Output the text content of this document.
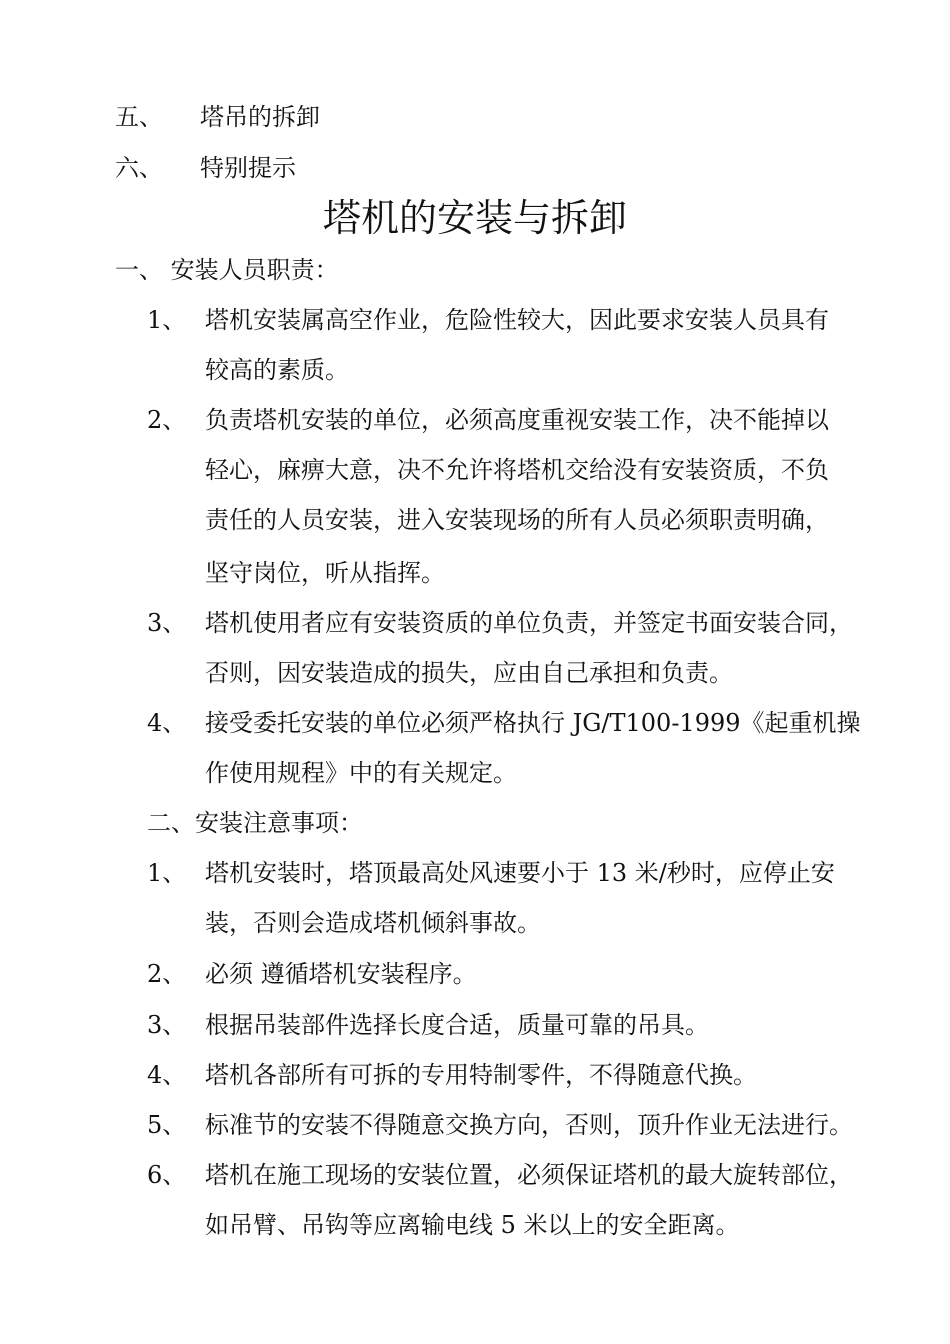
五、 塔吊的拆卸
六、 特别提示
塔机的安装与拆卸
一、 安装人员职责：
1、 塔机安装属高空作业，危险性较大，因此要求安装人员具有
较高的素质。
2、 负责塔机安装的单位，必须高度重视安装工作，决不能掉以
轻心，麻痹大意，决不允许将塔机交给没有安装资质，不负
责任的人员安装，进入安装现场的所有人员必须职责明确，
坚守岗位，听从指挥。
3、 塔机使用者应有安装资质的单位负责，并签定书面安装合同，
否则，因安装造成的损失，应由自己承担和负责。
4、 接受委托安装的单位必须严格执行 JG/T100-1999《起重机操
作使用规程》中的有关规定。
二、安装注意事项：
1、 塔机安装时，塔顶最高处风速要小于 13 米/秒时，应停止安
装，否则会造成塔机倾斜事故。
2、 必须 遵循塔机安装程序。
3、 根据吊装部件选择长度合适，质量可靠的吊具。
4、 塔机各部所有可拆的专用特制零件，不得随意代换。
5、 标准节的安装不得随意交换方向，否则，顶升作业无法进行。
6、 塔机在施工现场的安装位置，必须保证塔机的最大旋转部位，
如吊臂、吊钩等应离输电线 5 米以上的安全距离。
